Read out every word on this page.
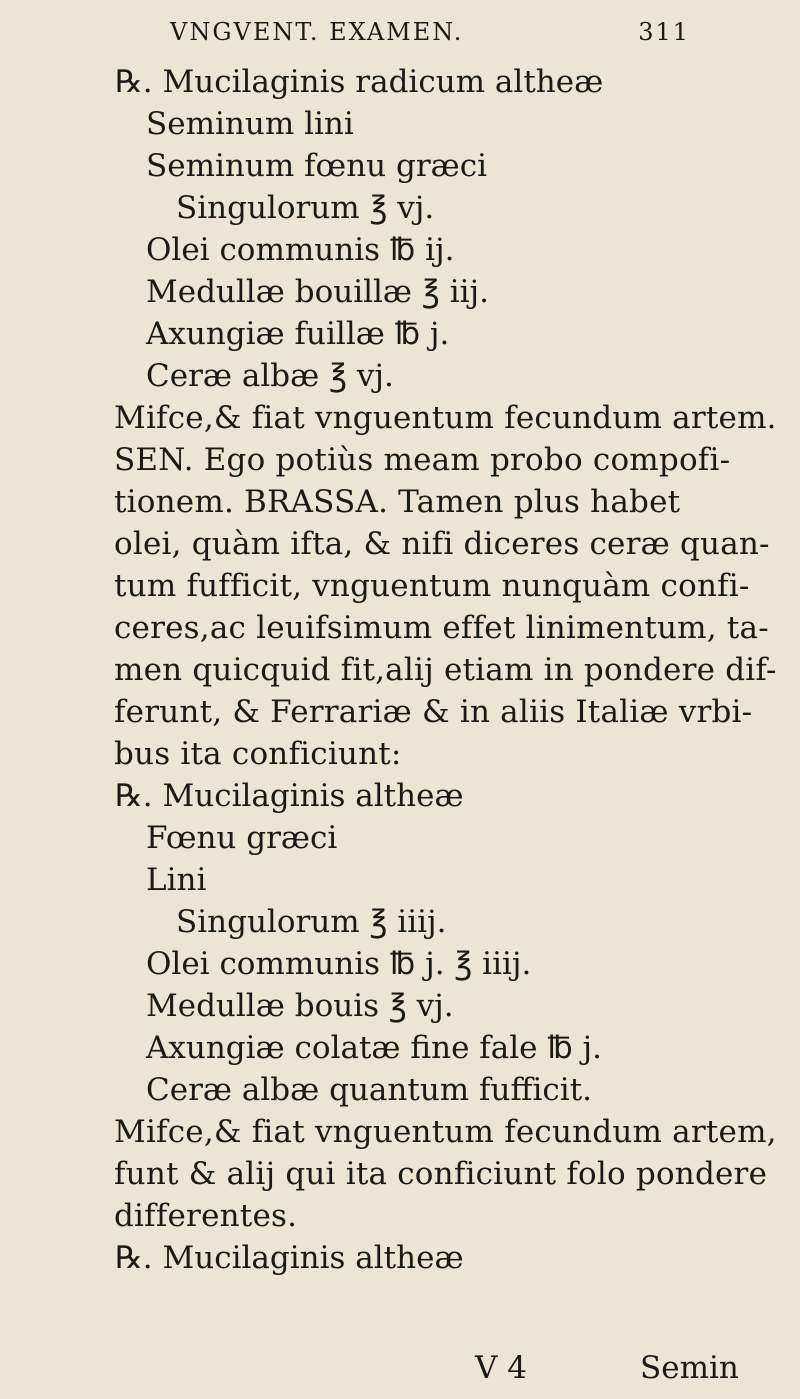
VNGVENT. EXAMEN.	311
℞. Mucilaginis radicum altheæ
Seminum lini
Seminum fœnu græci
Singulorum ℥ vj.
Olei communis ℔ ij.
Medullæ bouillæ ℥ iij.
Axungiæ fuillæ ℔ j.
Ceræ albæ ℥ vj.
Mifce,& fiat vnguentum fecundum artem.
SEN. Ego potiùs meam probo compofi-
tionem. BRASSA. Tamen plus habet
olei, quàm ifta, & nifi diceres ceræ quan-
tum fufficit, vnguentum nunquàm confi-
ceres,ac leuifsimum effet linimentum, ta-
men quicquid fit,alij etiam in pondere dif-
ferunt, & Ferrariæ & in aliis Italiæ vrbi-
bus ita conficiunt:
℞. Mucilaginis altheæ
Fœnu græci
Lini
Singulorum ℥ iiij.
Olei communis ℔ j. ℥ iiij.
Medullæ bouis ℥ vj.
Axungiæ colatæ fine fale ℔ j.
Ceræ albæ quantum fufficit.
Mifce,& fiat vnguentum fecundum artem,
funt & alij qui ita conficiunt folo pondere
differentes.
℞. Mucilaginis altheæ
V 4	Semin
